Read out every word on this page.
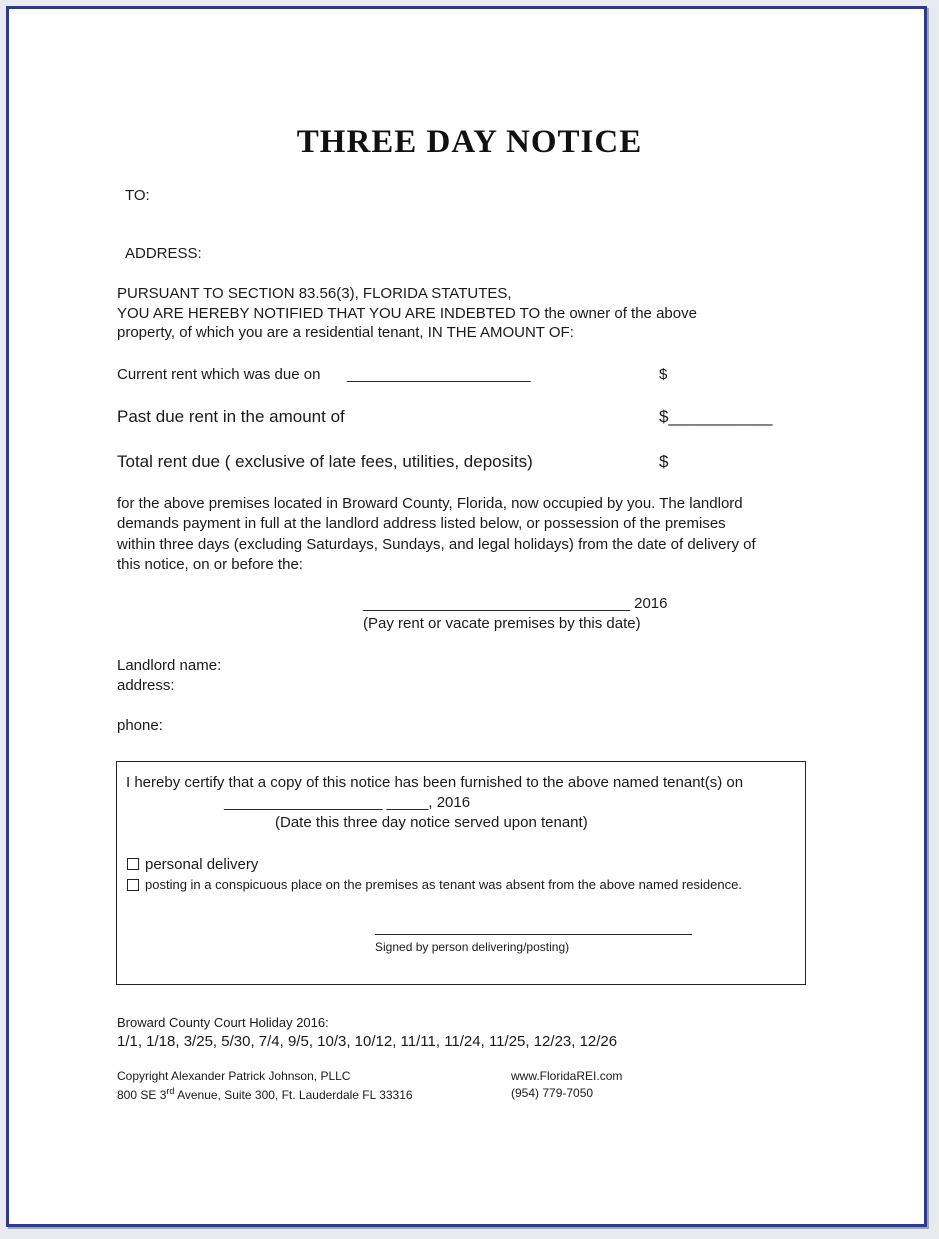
THREE DAY NOTICE
TO:
ADDRESS:
PURSUANT TO SECTION 83.56(3), FLORIDA STATUTES,
YOU ARE HEREBY NOTIFIED THAT YOU ARE INDEBTED TO the owner of the above
property, of which you are a residential tenant, IN THE AMOUNT OF:
Current rent which was due on ______________________	$
Past due rent in the amount of	$___________
Total rent due ( exclusive of late fees, utilities, deposits)	$
for the above premises located in Broward County, Florida, now occupied by you. The landlord
demands payment in full at the landlord address listed below, or possession of the premises
within three days (excluding Saturdays, Sundays, and legal holidays) from the date of delivery of
this notice, on or before the:
________________________________ 2016
(Pay rent or vacate premises by this date)
Landlord name:
address:
phone:
I hereby certify that a copy of this notice has been furnished to the above named tenant(s) on
___________________ _____, 2016
(Date this three day notice served upon tenant)
personal delivery
posting in a conspicuous place on the premises as tenant was absent from the above named residence.
______________________________________
Signed by person delivering/posting)
Broward County Court Holiday 2016:
1/1, 1/18, 3/25, 5/30, 7/4, 9/5, 10/3, 10/12, 11/11, 11/24, 11/25, 12/23, 12/26
Copyright Alexander Patrick Johnson, PLLC
800 SE 3rd Avenue, Suite 300, Ft. Lauderdale FL 33316
www.FloridaREI.com
(954) 779-7050
